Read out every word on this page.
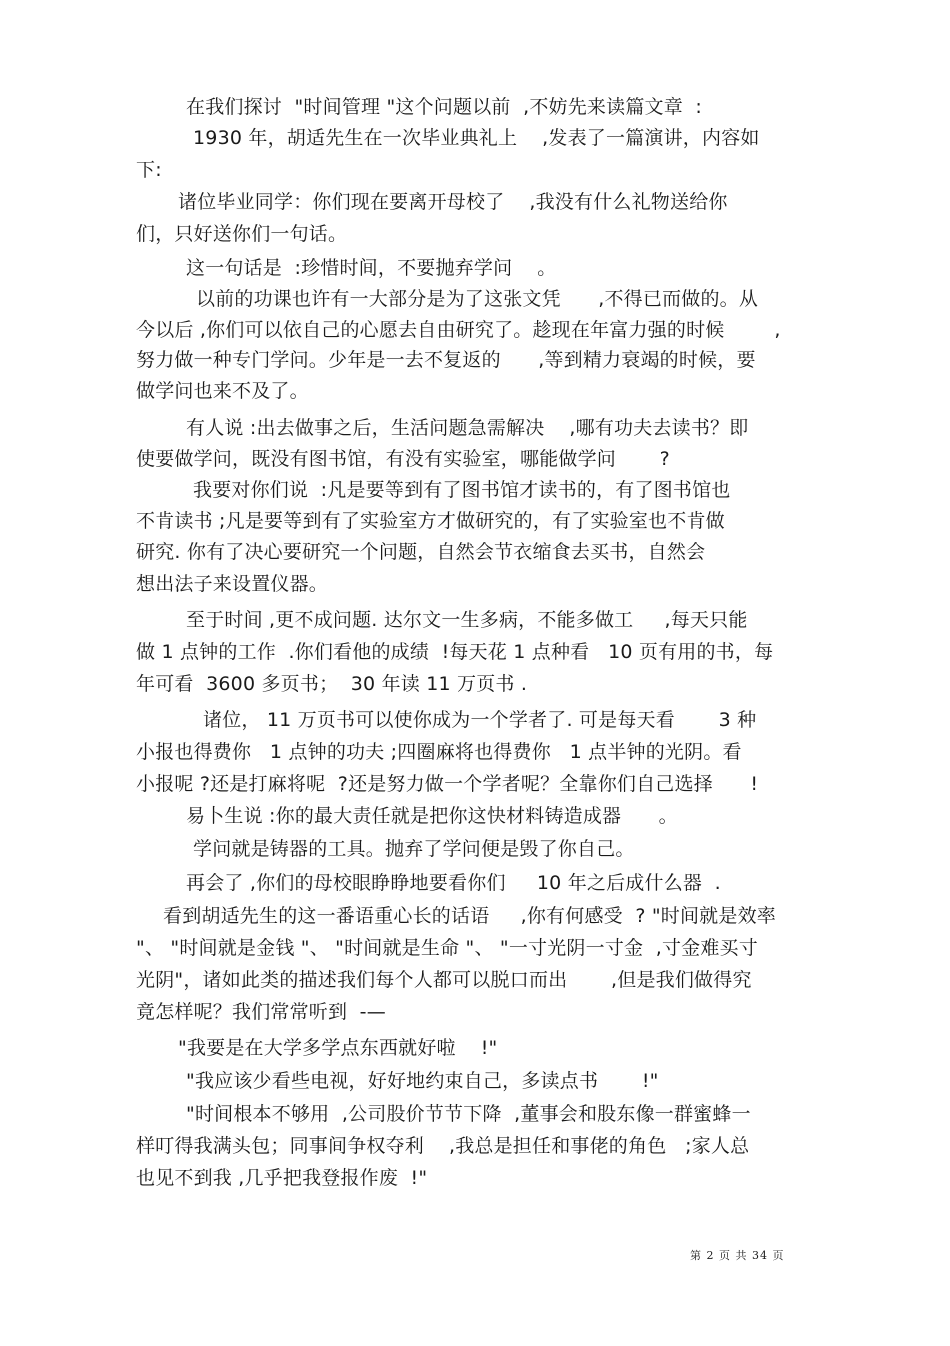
在我们探讨  "时间管理 "这个问题以前  ,不妨先来读篇文章  :
1930 年，胡适先生在一次毕业典礼上    ,发表了一篇演讲，内容如
下:
诸位毕业同学：你们现在要离开母校了    ,我没有什么礼物送给你
们，只好送你们一句话。
这一句话是  :珍惜时间，不要抛弃学问    。
以前的功课也许有一大部分是为了这张文凭      ,不得已而做的。从
今以后 ,你们可以依自己的心愿去自由研究了。趁现在年富力强的时候        ,
努力做一种专门学问。少年是一去不复返的      ,等到精力衰竭的时候，要
做学问也来不及了。
有人说 :出去做事之后，生活问题急需解决    ,哪有功夫去读书？即
使要做学问，既没有图书馆，有没有实验室，哪能做学问       ?
我要对你们说  :凡是要等到有了图书馆才读书的，有了图书馆也
不肯读书 ;凡是要等到有了实验室方才做研究的，有了实验室也不肯做
研究. 你有了决心要研究一个问题，自然会节衣缩食去买书，自然会
想出法子来设置仪器。
至于时间 ,更不成问题. 达尔文一生多病，不能多做工     ,每天只能
做 1 点钟的工作  .你们看他的成绩  !每天花 1 点种看   10 页有用的书，每
年可看  3600 多页书；  30 年读 11 万页书 .
诸位， 11 万页书可以使你成为一个学者了. 可是每天看       3 种
小报也得费你   1 点钟的功夫 ;四圈麻将也得费你   1 点半钟的光阴。看
小报呢 ?还是打麻将呢  ?还是努力做一个学者呢？全靠你们自己选择      !
易卜生说 :你的最大责任就是把你这快材料铸造成器      。
学问就是铸器的工具。抛弃了学问便是毁了你自己。
再会了 ,你们的母校眼睁睁地要看你们     10 年之后成什么器  .
看到胡适先生的这一番语重心长的话语     ,你有何感受  ? "时间就是效率
"、 "时间就是金钱 "、 "时间就是生命 "、 "一寸光阴一寸金  ,寸金难买寸
光阴"，诸如此类的描述我们每个人都可以脱口而出       ,但是我们做得究
竟怎样呢？我们常常听到  -—
"我要是在大学多学点东西就好啦    !"
"我应该少看些电视，好好地约束自己，多读点书       !"
"时间根本不够用  ,公司股价节节下降  ,董事会和股东像一群蜜蜂一
样叮得我满头包；同事间争权夺利    ,我总是担任和事佬的角色   ;家人总
也见不到我 ,几乎把我登报作废  !"
第 2 页 共 34 页
